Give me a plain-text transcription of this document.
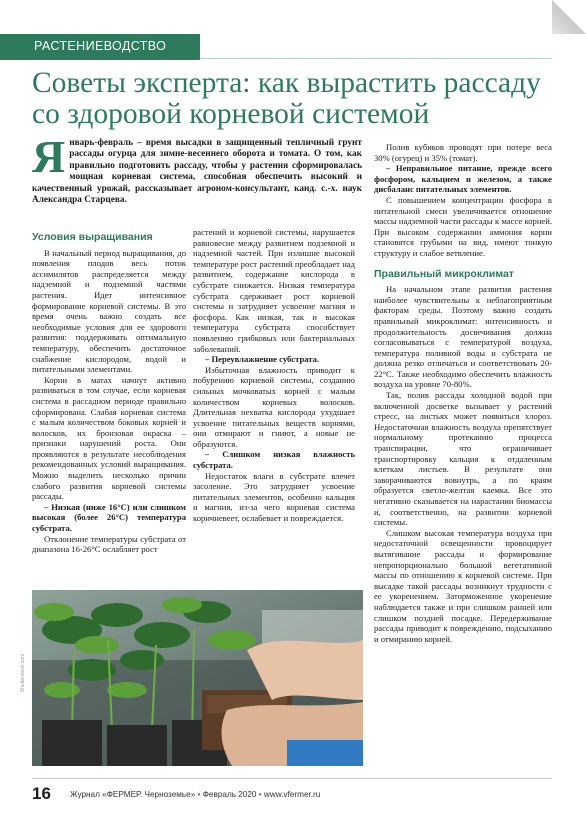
РАСТЕНИЕВОДСТВО
Советы эксперта: как вырастить рассаду со здоровой корневой системой
Я нварь-февраль – время высадки в защищенный тепличный грунт рассады огурца для зимне-весеннего оборота и томата. О том, как правильно подготовить рассаду, чтобы у растения сформировалась мощная корневая система, способная обеспечить высокий и качественный урожай, рассказывает агроном-консультант, канд. с.-х. наук Александра Старцева.
Условия выращивания

В начальный период выращивания, до появления плодов весь поток ассимилятов распределяется между надземной и подземной частями растения. Идет интенсивное формирование корневой системы. В это время очень важно создать все необходимые условия для ее здорового развития: поддерживать оптимальную температуру, обеспечить достаточное снабжение кислородом, водой и питательными элементами.

Корни в матах начнут активно развиваться в том случае, если корневая система в рассадном периоде правильно сформирована. Слабая корневая система с малым количеством боковых корней и волосков, их бронзовая окраска – признаки нарушений роста. Они проявляются в результате несоблюдения рекомендованных условий выращивания. Можно выделить несколько причин слабого развития корневой системы рассады.

– Низкая (ниже 16°С) или слишком высокая (более 26°С) температура субстрата.

Отклонение температуры субстрата от диапазона 16-26°С ослабляет рост

растений и корневой системы, нарушается равновесие между развитием подземной и надземной частей. При излишне высокой температуре рост растений преобладает над развитием, содержание кислорода в субстрате снижается. Низкая температура субстрата сдерживает рост корневой системы и затрудняет усвоение магния и фосфора. Как низкая, так и высокая температура субстрата способствует появлению грибковых или бактериальных заболеваний.

– Переувлажнение субстрата.

Избыточная влажность приводит к побурению корневой системы, созданию сильных мочковатых корней с малым количеством корневых волосков. Длительная нехватка кислорода ухудшает усвоение питательных веществ корнями, они отмирают и гниют, а новые не образуются.

– Слишком низкая влажность субстрата.

Недостаток влаги в субстрате влечет засоление. Это затрудняет усвоение питательных элементов, особенно кальция и магния, из-за чего корневая система коричневеет, ослабевает и повреждается.

Полив кубиков проводят при потере веса 30% (огурец) и 35% (томат).

– Неправильное питание, прежде всего фосфором, кальцием и железом, а также дисбаланс питательных элементов.

С повышением концентрации фосфора в питательной смеси увеличивается отношение массы надземной части рассады к массе корней. При высоком содержании аммония корни становятся грубыми на вид, имеют тонкую структуру и слабое ветвление.

Правильный микроклимат

На начальном этапе развития растения наиболее чувствительны к неблагоприятным факторам среды. Поэтому важно создать правильный микроклимат: интенсивность и продолжительность досвечивания должна согласовываться с температурой воздуха, температура поливной воды и субстрата не должна резко отличаться и соответствовать 20-22°С. Также необходимо обеспечить влажность воздуха на уровне 70-80%.

Так, полив рассады холодной водой при включенной досветке вызывает у растений стресс, на листьях может появиться хлороз. Недостаточная влажность воздуха препятствует нормальному протеканию процесса транспирации, что ограничивает транспортировку кальция к отдаленным клеткам листьев. В результате они заворачиваются вовнутрь, а по краям образуется светло-желтая каемка. Все это негативно сказывается на нарастании биомассы и, соответственно, на развитии корневой системы.

Слишком высокая температура воздуха при недостаточной освещенности провоцирует вытягивание рассады и формирование непропорционально большой вегетативной массы по отношению к корневой системе. При высадке такой рассады возникнут трудности с ее укоренением. Заторможенное укоренение наблюдается также и при слишком ранней или слишком поздней посадке. Передерживание рассады приводит к повреждению, подсыханию и отмиранию корней.

Shutterstock.com
16 Журнал «ФЕРМЕР. Черноземье» • Февраль 2020 • www.vfermer.ru
